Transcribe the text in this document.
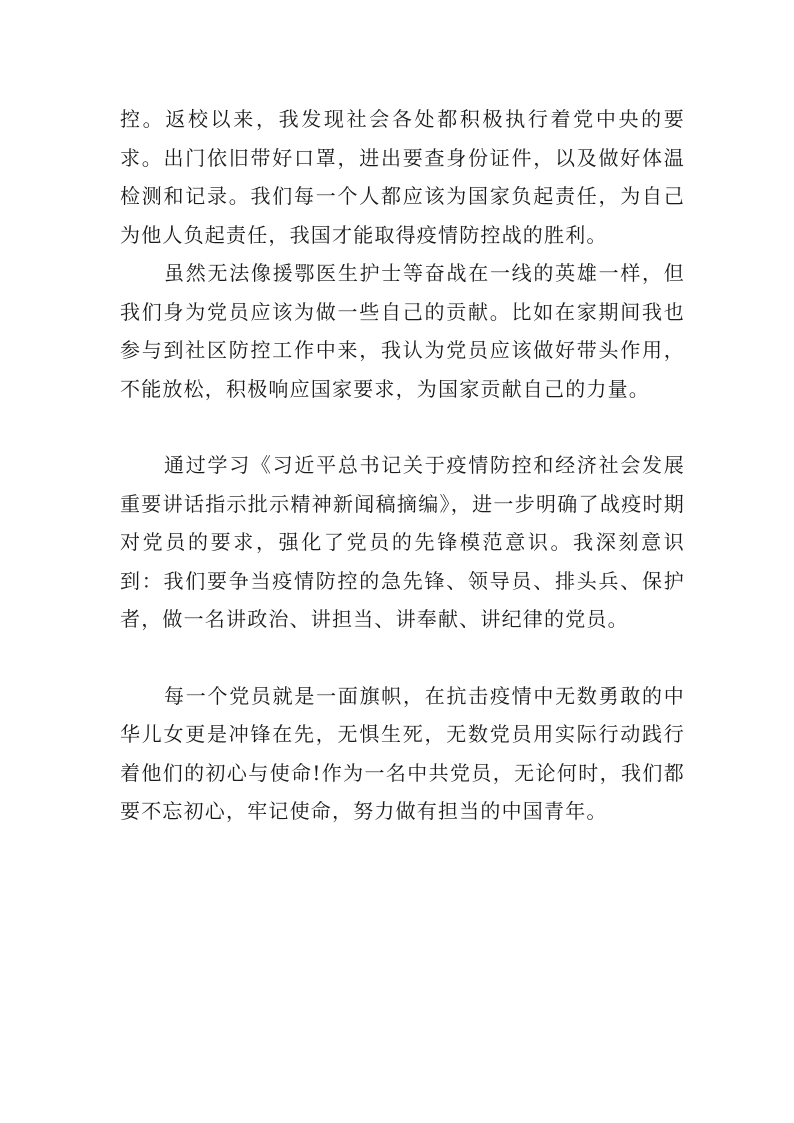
控。返校以来，我发现社会各处都积极执行着党中央的要求。出门依旧带好口罩，进出要查身份证件，以及做好体温检测和记录。我们每一个人都应该为国家负起责任，为自己为他人负起责任，我国才能取得疫情防控战的胜利。

虽然无法像援鄂医生护士等奋战在一线的英雄一样，但我们身为党员应该为做一些自己的贡献。比如在家期间我也参与到社区防控工作中来，我认为党员应该做好带头作用，不能放松，积极响应国家要求，为国家贡献自己的力量。

通过学习《习近平总书记关于疫情防控和经济社会发展重要讲话指示批示精神新闻稿摘编》，进一步明确了战疫时期对党员的要求，强化了党员的先锋模范意识。我深刻意识到：我们要争当疫情防控的急先锋、领导员、排头兵、保护者，做一名讲政治、讲担当、讲奉献、讲纪律的党员。

每一个党员就是一面旗帜，在抗击疫情中无数勇敢的中华儿女更是冲锋在先，无惧生死，无数党员用实际行动践行着他们的初心与使命!作为一名中共党员，无论何时，我们都要不忘初心，牢记使命，努力做有担当的中国青年。
